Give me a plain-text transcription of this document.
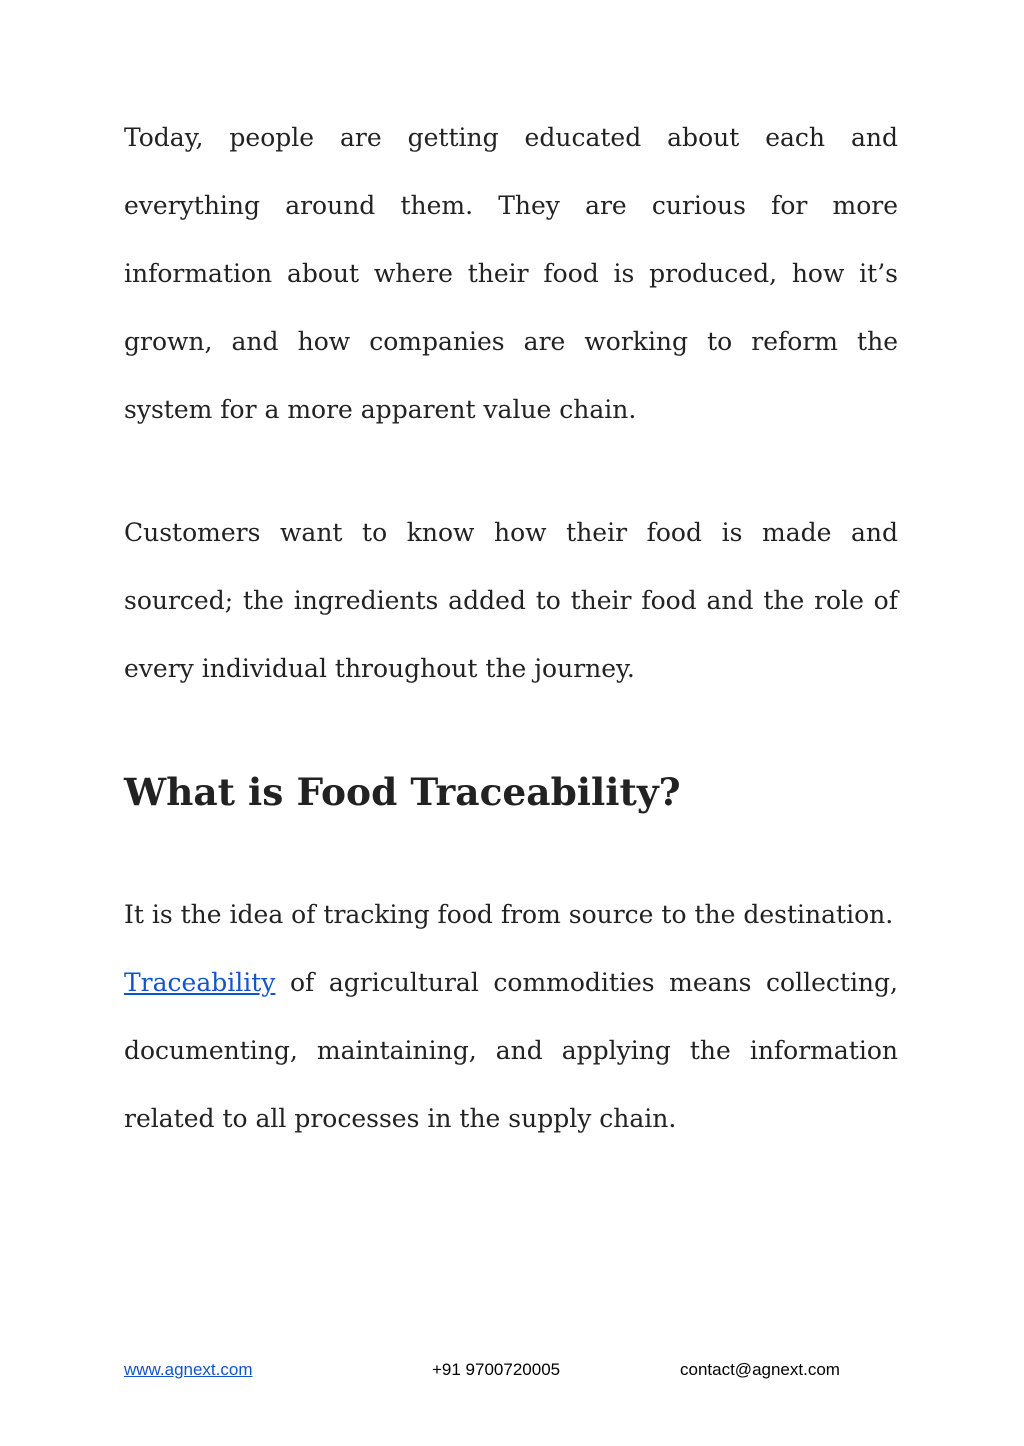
Today, people are getting educated about each and everything around them. They are curious for more information about where their food is produced, how it’s grown, and how companies are working to reform the system for a more apparent value chain.

Customers want to know how their food is made and sourced; the ingredients added to their food and the role of every individual throughout the journey.

What is Food Traceability?

It is the idea of tracking food from source to the destination.
Traceability of agricultural commodities means collecting, documenting, maintaining, and applying the information related to all processes in the supply chain.

www.agnext.com	+91 9700720005	contact@agnext.com
